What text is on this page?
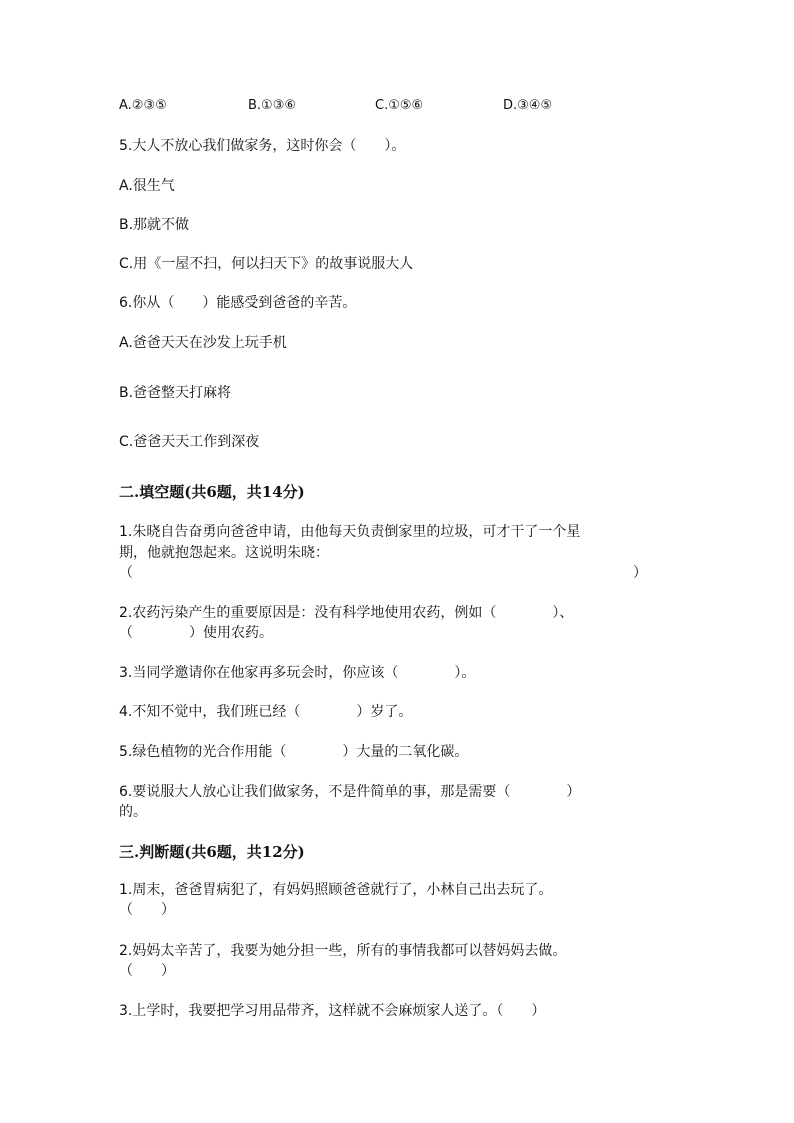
A.②③⑤	B.①③⑥	C.①⑤⑥	D.③④⑤
5.大人不放心我们做家务，这时你会（　　）。
A.很生气
B.那就不做
C.用《一屋不扫，何以扫天下》的故事说服大人
6.你从（　　）能感受到爸爸的辛苦。
A.爸爸天天在沙发上玩手机
B.爸爸整天打麻将
C.爸爸天天工作到深夜
二.填空题(共6题，共14分)
1.朱晓自告奋勇向爸爸申请，由他每天负责倒家里的垃圾，可才干了一个星
期，他就抱怨起来。这说明朱晓：
（	）
2.农药污染产生的重要原因是：没有科学地使用农药，例如（　　　　）、
（　　　　）使用农药。
3.当同学邀请你在他家再多玩会时，你应该（　　　　）。
4.不知不觉中，我们班已经（　　　　）岁了。
5.绿色植物的光合作用能（　　　　）大量的二氧化碳。
6.要说服大人放心让我们做家务，不是件简单的事，那是需要（　　　　）
的。
三.判断题(共6题，共12分)
1.周末，爸爸胃病犯了，有妈妈照顾爸爸就行了，小林自己出去玩了。
（　　）
2.妈妈太辛苦了，我要为她分担一些，所有的事情我都可以替妈妈去做。
（　　）
3.上学时，我要把学习用品带齐，这样就不会麻烦家人送了。（　　）
